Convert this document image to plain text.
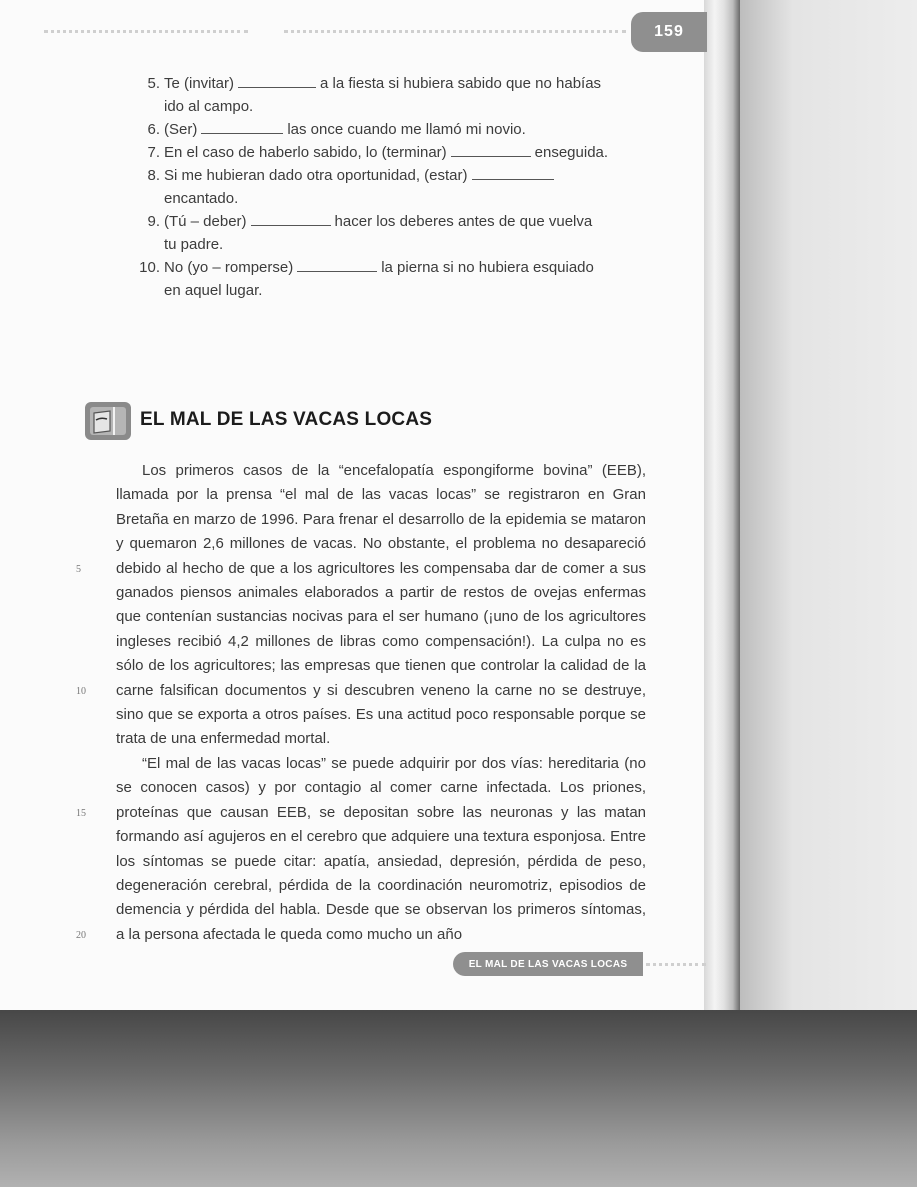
159
5. Te (invitar)	a la fiesta si hubiera sabido que no habías
ido al campo.
6. (Ser)	las once cuando me llamó mi novio.
7. En el caso de haberlo sabido, lo (terminar)	enseguida.
8. Si me hubieran dado otra oportunidad, (estar)
encantado.
9. (Tú – deber)	hacer los deberes antes de que vuelva
tu padre.
10. No (yo – romperse)	la pierna si no hubiera esquiado
en aquel lugar.
EL MAL DE LAS VACAS LOCAS

Los primeros casos de la “encefalopatía espongiforme bovina” (EEB), llamada por la prensa “el mal de las vacas locas” se registraron en Gran Bretaña en marzo de 1996. Para frenar el desarrollo de la epidemia se mataron y quemaron 2,6 millones de vacas. No obstante, el problema no desapareció debido al hecho de que a los agricultores les compensaba dar de comer a sus ganados piensos animales elaborados a partir de restos de ovejas enfermas que contenían sustancias nocivas para el ser humano (¡uno de los agricultores ingleses recibió 4,2 millones de libras como compensación!). La culpa no es sólo de los agricultores; las empresas que tienen que controlar la calidad de la carne falsifican documentos y si descubren veneno la carne no se destruye, sino que se exporta a otros países. Es una actitud poco responsable porque se trata de una enfermedad mortal.

“El mal de las vacas locas” se puede adquirir por dos vías: hereditaria (no se conocen casos) y por contagio al comer carne infectada. Los priones, proteínas que causan EEB, se depositan sobre las neuronas y las matan formando así agujeros en el cerebro que adquiere una textura esponjosa. Entre los síntomas se puede citar: apatía, ansiedad, depresión, pérdida de peso, degeneración cerebral, pérdida de la coordinación neuromotriz, episodios de demencia y pérdida del habla. Desde que se observan los primeros síntomas, a la persona afectada le queda como mucho un año

5
10
15
20
EL MAL DE LAS VACAS LOCAS
